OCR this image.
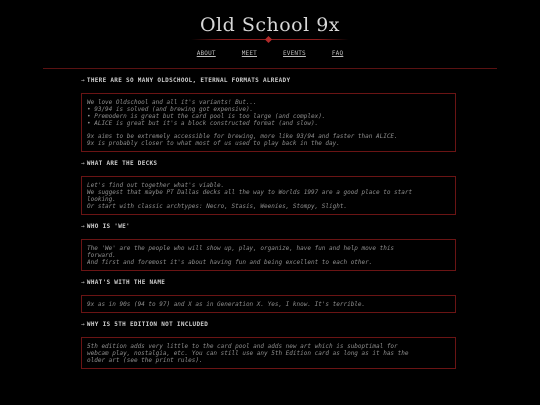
Old School 9x
ABOUT	MEET	EVENTS	FAQ
→ THERE ARE SO MANY OLDSCHOOL, ETERNAL FORMATS ALREADY
We love Oldschool and all it's variants! But...
• 93/94 is solved (and brewing got expensive).
• Premodern is great but the card pool is too large (and complex).
• ALICE is great but it's a block constructed format (and slow).
9x aims to be extremely accessible for brewing, more like 93/94 and faster than ALICE.
9x is probably closer to what most of us used to play back in the day.
→ WHAT ARE THE DECKS
Let's find out together what's viable.
We suggest that maybe PT Dallas decks all the way to Worlds 1997 are a good place to start
looking.
Or start with classic archtypes: Necro, Stasis, Weenies, Stompy, Slight.
→ WHO IS 'WE'
The 'We' are the people who will show up, play, organize, have fun and help move this
forward.
And first and foremost it's about having fun and being excellent to each other.
→ WHAT'S WITH THE NAME
9x as in 90s (94 to 97) and X as in Generation X. Yes, I know. It's terrible.
→ WHY IS 5TH EDITION NOT INCLUDED
5th edition adds very little to the card pool and adds new art which is suboptimal for
webcam play, nostalgia, etc. You can still use any 5th Edition card as long as it has the
older art (see the print rules).
